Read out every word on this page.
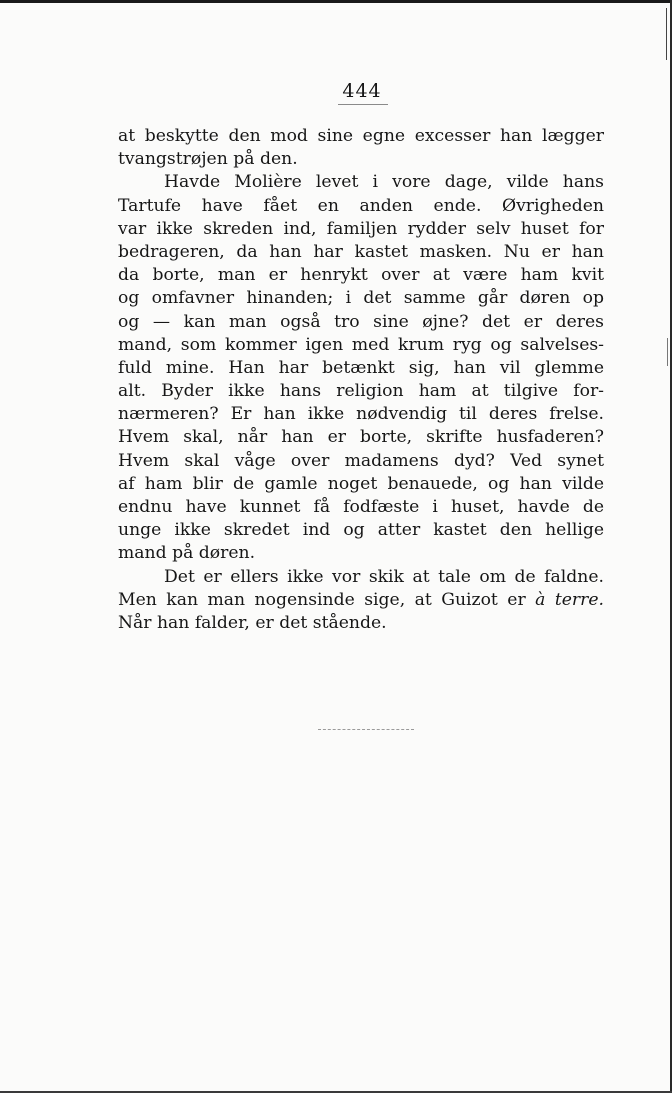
444
at beskytte den mod sine egne excesser han lægger
tvangstrøjen på den.
Havde Molière levet i vore dage, vilde hans
Tartufe have fået en anden ende. Øvrigheden
var ikke skreden ind, familjen rydder selv huset for
bedrageren, da han har kastet masken. Nu er han
da borte, man er henrykt over at være ham kvit
og omfavner hinanden; i det samme går døren op
og — kan man også tro sine øjne? det er deres
mand, som kommer igen med krum ryg og salvelses-
fuld mine. Han har betænkt sig, han vil glemme
alt. Byder ikke hans religion ham at tilgive for-
nærmeren? Er han ikke nødvendig til deres frelse.
Hvem skal, når han er borte, skrifte husfaderen?
Hvem skal våge over madamens dyd? Ved synet
af ham blir de gamle noget benauede, og han vilde
endnu have kunnet få fodfæste i huset, havde de
unge ikke skredet ind og atter kastet den hellige
mand på døren.
Det er ellers ikke vor skik at tale om de faldne.
Men kan man nogensinde sige, at Guizot er à terre.
Når han falder, er det stående.
